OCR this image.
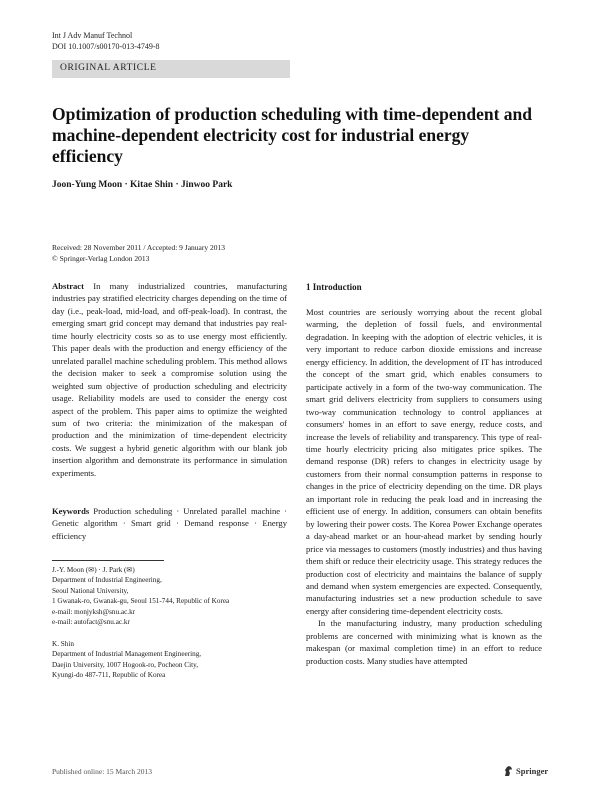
Int J Adv Manuf Technol
DOI 10.1007/s00170-013-4749-8
ORIGINAL ARTICLE
Optimization of production scheduling with time-dependent and machine-dependent electricity cost for industrial energy efficiency
Joon-Yung Moon · Kitae Shin · Jinwoo Park
Received: 28 November 2011 / Accepted: 9 January 2013
© Springer-Verlag London 2013
Abstract In many industrialized countries, manufacturing industries pay stratified electricity charges depending on the time of day (i.e., peak-load, mid-load, and off-peak-load). In contrast, the emerging smart grid concept may demand that industries pay real-time hourly electricity costs so as to use energy most efficiently. This paper deals with the production and energy efficiency of the unrelated parallel machine scheduling problem. This method allows the decision maker to seek a compromise solution using the weighted sum objective of production scheduling and electricity usage. Reliability models are used to consider the energy cost aspect of the problem. This paper aims to optimize the weighted sum of two criteria: the minimization of the makespan of production and the minimization of time-dependent electricity costs. We suggest a hybrid genetic algorithm with our blank job insertion algorithm and demonstrate its performance in simulation experiments.
Keywords Production scheduling · Unrelated parallel machine · Genetic algorithm · Smart grid · Demand response · Energy efficiency
J.-Y. Moon (✉) · J. Park (✉)
Department of Industrial Engineering,
Seoul National University,
1 Gwanak-ro, Gwanak-gu, Seoul 151-744, Republic of Korea
e-mail: monjyksh@snu.ac.kr
e-mail: autofact@snu.ac.kr
K. Shin
Department of Industrial Management Engineering,
Daejin University, 1007 Hogook-ro, Pocheon City,
Kyungi-do 487-711, Republic of Korea
1 Introduction

Most countries are seriously worrying about the recent global warming, the depletion of fossil fuels, and environmental degradation. In keeping with the adoption of electric vehicles, it is very important to reduce carbon dioxide emissions and increase energy efficiency. In addition, the development of IT has introduced the concept of the smart grid, which enables consumers to participate actively in a form of the two-way communication. The smart grid delivers electricity from suppliers to consumers using two-way communication technology to control appliances at consumers' homes in an effort to save energy, reduce costs, and increase the levels of reliability and transparency. This type of real-time hourly electricity pricing also mitigates price spikes. The demand response (DR) refers to changes in electricity usage by customers from their normal consumption patterns in response to changes in the price of electricity depending on the time. DR plays an important role in reducing the peak load and in increasing the efficient use of energy. In addition, consumers can obtain benefits by lowering their power costs. The Korea Power Exchange operates a day-ahead market or an hour-ahead market by sending hourly price via messages to customers (mostly industries) and thus having them shift or reduce their electricity usage. This strategy reduces the production cost of electricity and maintains the balance of supply and demand when system emergencies are expected. Consequently, manufacturing industries set a new production schedule to save energy after considering time-dependent electricity costs.

In the manufacturing industry, many production scheduling problems are concerned with minimizing what is known as the makespan (or maximal completion time) in an effort to reduce production costs. Many studies have attempted

Published online: 15 March 2013	Springer
